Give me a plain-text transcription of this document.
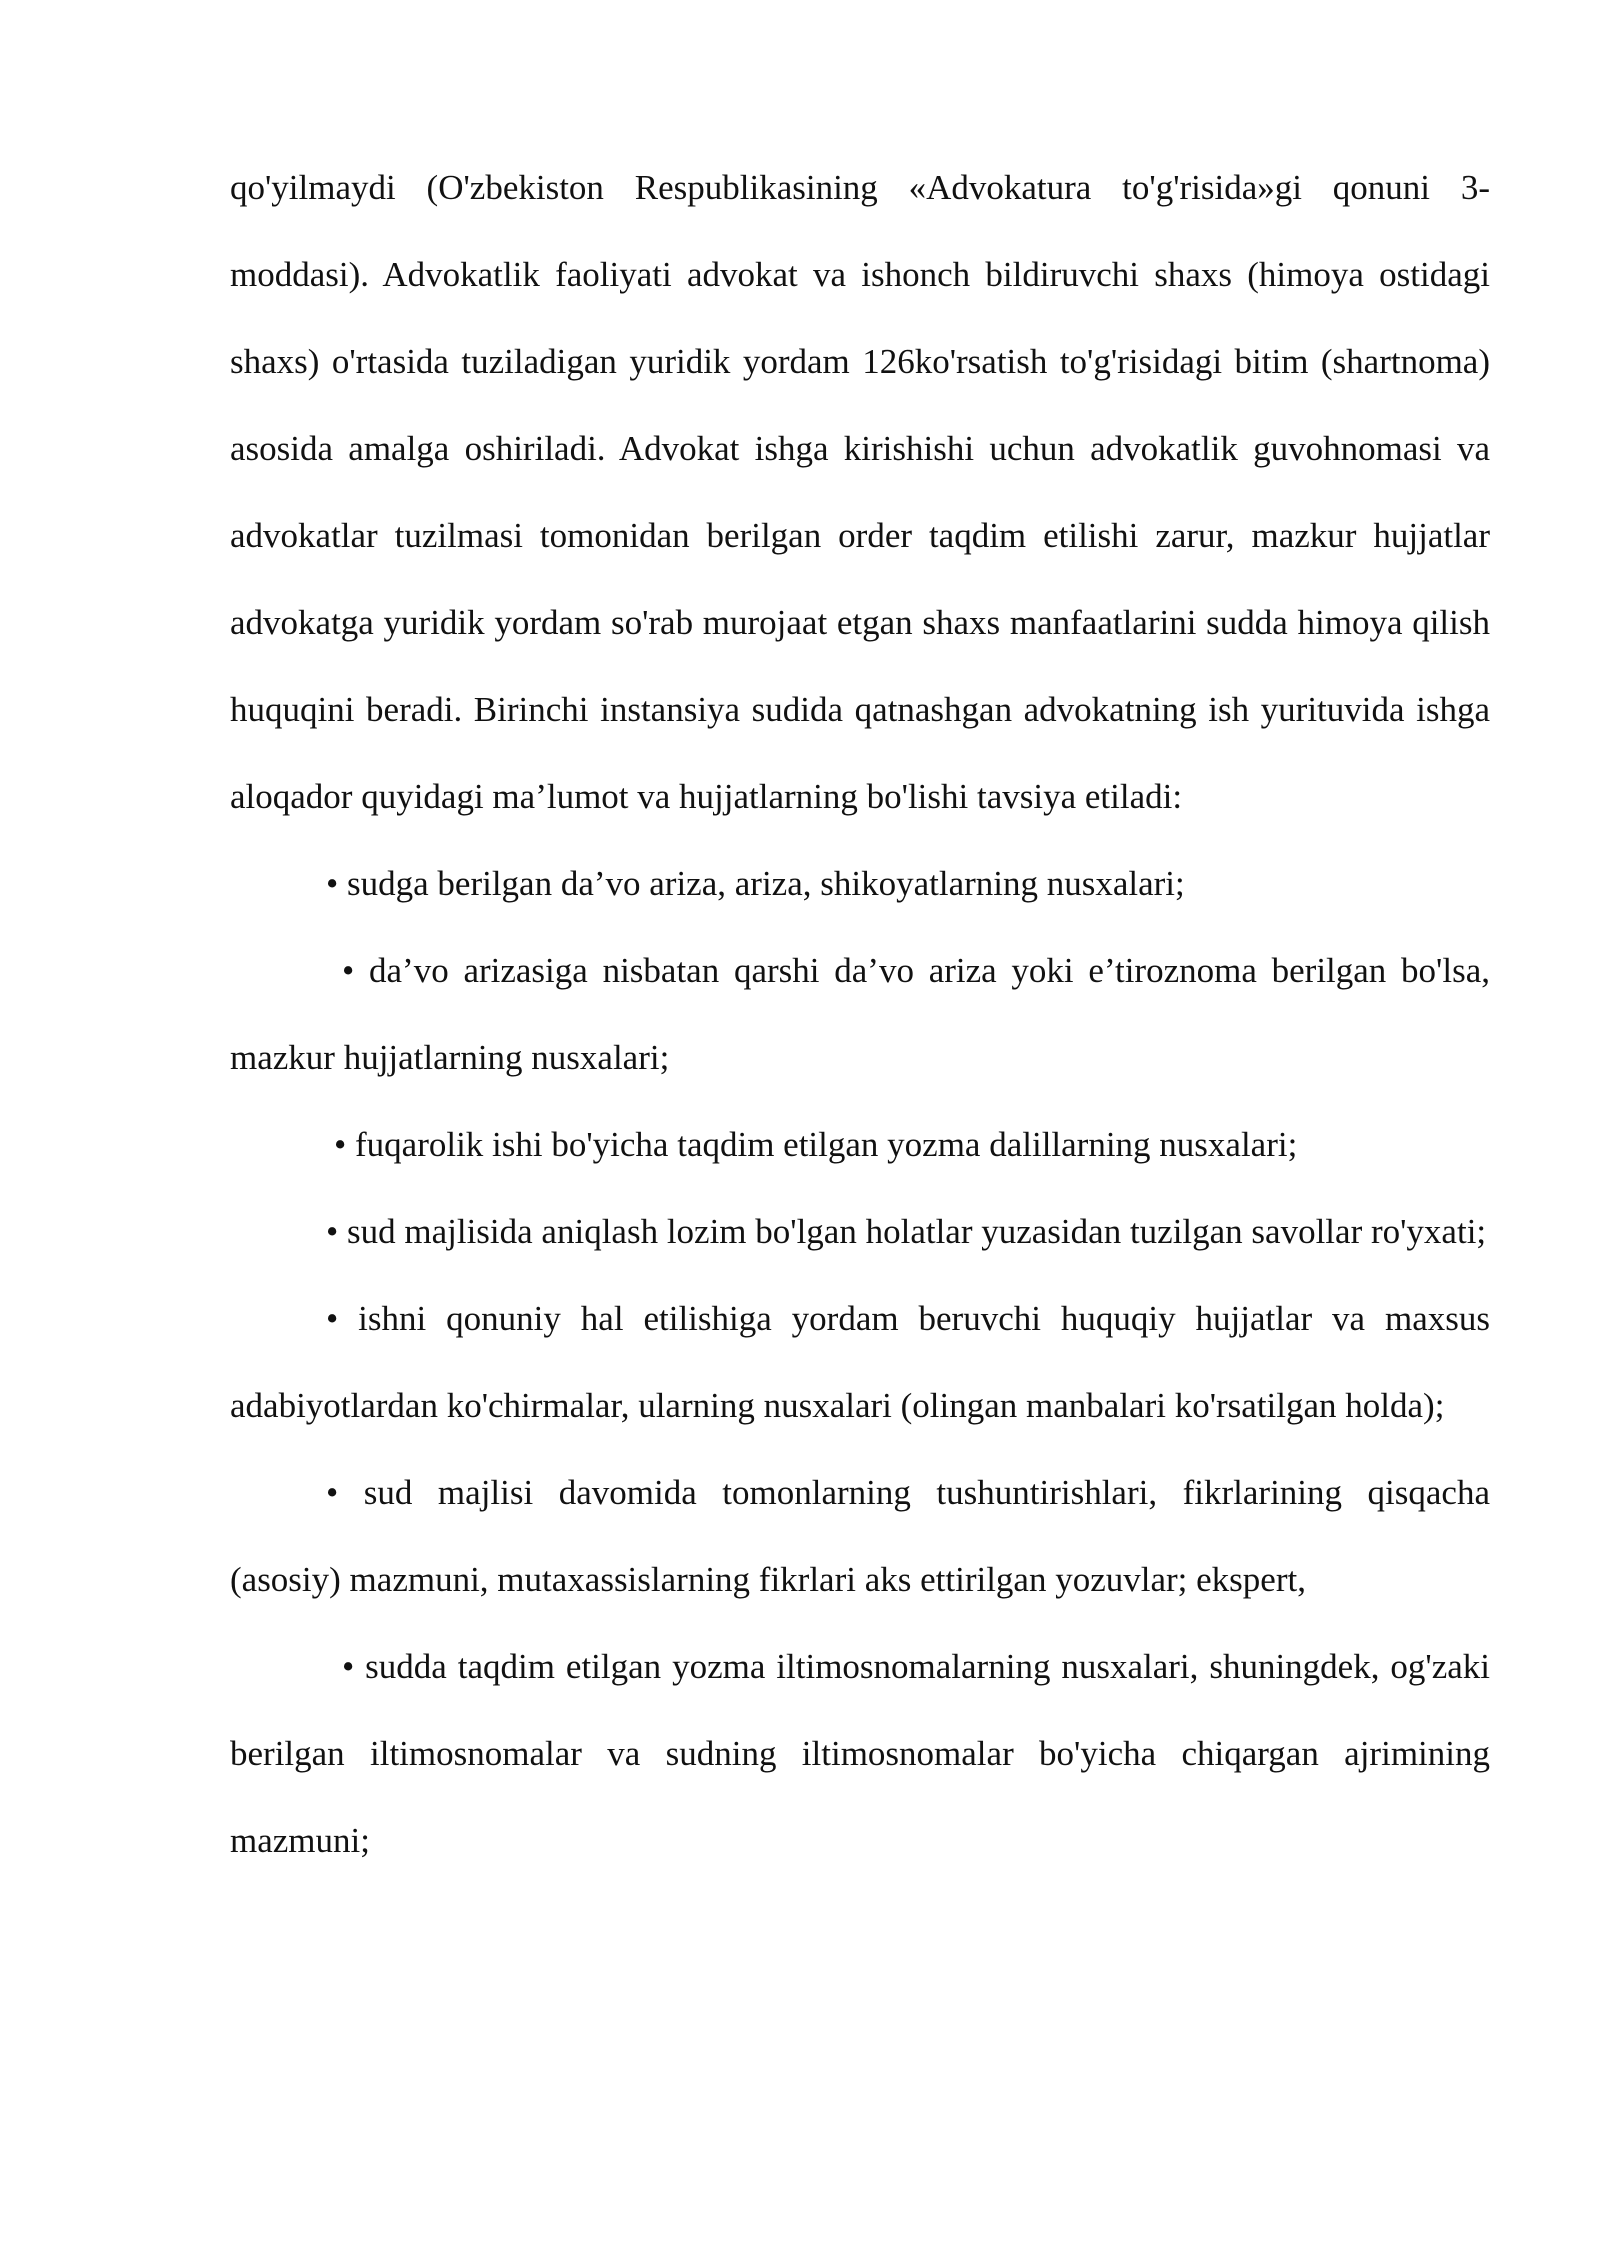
qo'yilmaydi (O'zbekiston Respublikasining «Advokatura to'g'risida»gi qonuni 3-moddasi). Advokatlik faoliyati advokat va ishonch bildiruvchi shaxs (himoya ostidagi shaxs) o'rtasida tuziladigan yuridik yordam 126ko'rsatish to'g'risidagi bitim (shartnoma) asosida amalga oshiriladi. Advokat ishga kirishishi uchun advokatlik guvohnomasi va advokatlar tuzilmasi tomonidan berilgan order taqdim etilishi zarur, mazkur hujjatlar advokatga yuridik yordam so'rab murojaat etgan shaxs manfaatlarini sudda himoya qilish huquqini beradi. Birinchi instansiya sudida qatnashgan advokatning ish yurituvida ishga aloqador quyidagi ma’lumot va hujjatlarning bo'lishi tavsiya etiladi:

• sudga berilgan da’vo ariza, ariza, shikoyatlarning nusxalari;

• da’vo arizasiga nisbatan qarshi da’vo ariza yoki e’tiroznoma berilgan bo'lsa, mazkur hujjatlarning nusxalari;

• fuqarolik ishi bo'yicha taqdim etilgan yozma dalillarning nusxalari;

• sud majlisida aniqlash lozim bo'lgan holatlar yuzasidan tuzilgan savollar ro'yxati;

• ishni qonuniy hal etilishiga yordam beruvchi huquqiy hujjatlar va maxsus adabiyotlardan ko'chirmalar, ularning nusxalari (olingan manbalari ko'rsatilgan holda);

• sud majlisi davomida tomonlarning tushuntirishlari, fikrlarining qisqacha (asosiy) mazmuni, mutaxassislarning fikrlari aks ettirilgan yozuvlar; ekspert,

• sudda taqdim etilgan yozma iltimosnomalarning nusxalari, shuningdek, og'zaki berilgan iltimosnomalar va sudning iltimosnomalar bo'yicha chiqargan ajrimining mazmuni;
